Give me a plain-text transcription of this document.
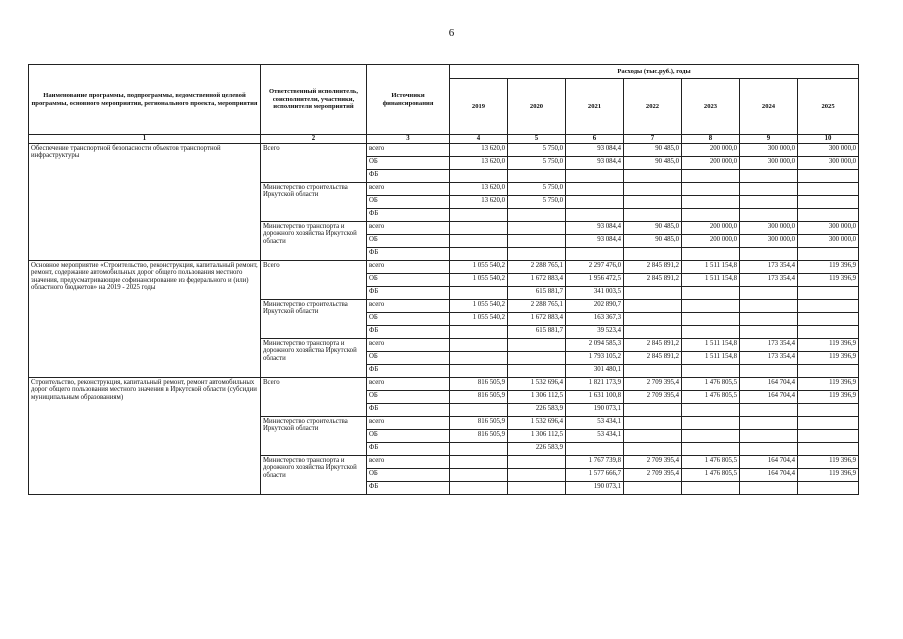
6
Наименование программы, подпрограммы, ведомственной целевой программы, основного мероприятия, регионального проекта, мероприятия	Ответственный исполнитель, соисполнители, участники, исполнители мероприятий	Источники финансирования	Расходы (тыс.руб.), годы						
			2019	2020	2021	2022	2023	2024	2025
1	2	3	4	5	6	7	8	9	10
Обеспечение транспортной безопасности объектов транспортной инфраструктуры	Всего	всего	13 620,0	5 750,0	93 084,4	90 485,0	200 000,0	300 000,0	300 000,0
		ОБ	13 620,0	5 750,0	93 084,4	90 485,0	200 000,0	300 000,0	300 000,0
		ФБ							
	Министерство строительства Иркутской области	всего	13 620,0	5 750,0					
		ОБ	13 620,0	5 750,0					
		ФБ							
	Министерство транспорта и дорожного хозяйства Иркутской области	всего			93 084,4	90 485,0	200 000,0	300 000,0	300 000,0
		ОБ			93 084,4	90 485,0	200 000,0	300 000,0	300 000,0
		ФБ							
Основное мероприятие «Строительство, реконструкция, капитальный ремонт, ремонт, содержание автомобильных дорог общего пользования местного значения, предусматривающие софинансирование из федерального и (или) областного бюджетов» на 2019 - 2025 годы	Всего	всего	1 055 540,2	2 288 765,1	2 297 476,0	2 845 891,2	1 511 154,8	173 354,4	119 396,9
		ОБ	1 055 540,2	1 672 883,4	1 956 472,5	2 845 891,2	1 511 154,8	173 354,4	119 396,9
		ФБ		615 881,7	341 003,5				
	Министерство строительства Иркутской области	всего	1 055 540,2	2 288 765,1	202 890,7				
		ОБ	1 055 540,2	1 672 883,4	163 367,3				
		ФБ		615 881,7	39 523,4				
	Министерство транспорта и дорожного хозяйства Иркутской области	всего			2 094 585,3	2 845 891,2	1 511 154,8	173 354,4	119 396,9
		ОБ			1 793 105,2	2 845 891,2	1 511 154,8	173 354,4	119 396,9
		ФБ			301 480,1				
Строительство, реконструкция, капитальный ремонт, ремонт автомобильных дорог общего пользования местного значения в Иркутской области (субсидии муниципальным образованиям)	Всего	всего	816 505,9	1 532 696,4	1 821 173,9	2 709 395,4	1 476 805,5	164 704,4	119 396,9
		ОБ	816 505,9	1 306 112,5	1 631 100,8	2 709 395,4	1 476 805,5	164 704,4	119 396,9
		ФБ		226 583,9	190 073,1				
	Министерство строительства Иркутской области	всего	816 505,9	1 532 696,4	53 434,1				
		ОБ	816 505,9	1 306 112,5	53 434,1				
		ФБ		226 583,9					
	Министерство транспорта и дорожного хозяйства Иркутской области	всего			1 767 739,8	2 709 395,4	1 476 805,5	164 704,4	119 396,9
		ОБ			1 577 666,7	2 709 395,4	1 476 805,5	164 704,4	119 396,9
		ФБ			190 073,1				
